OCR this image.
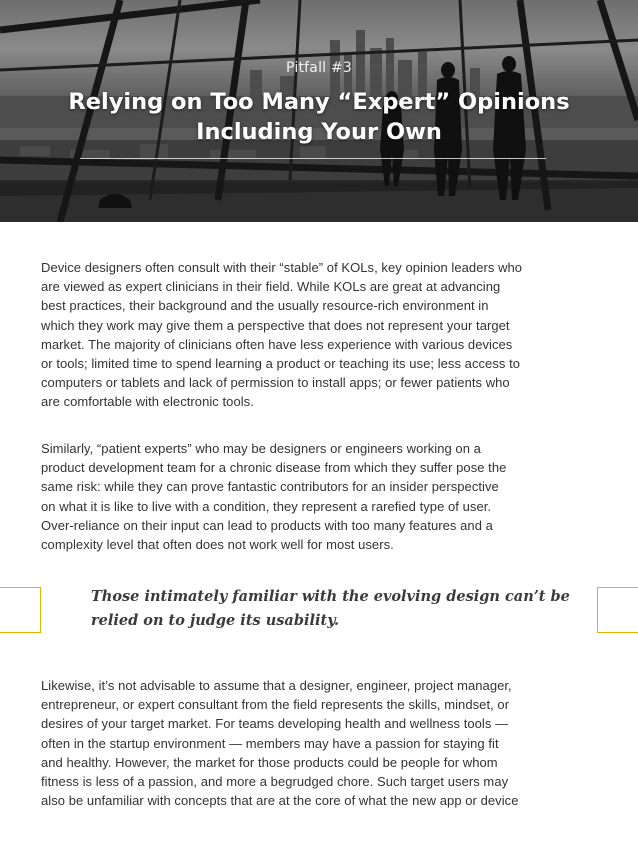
Pitfall #3
Relying on Too Many “Expert” Opinions
Including Your Own

Device designers often consult with their “stable” of KOLs, key opinion leaders who
are viewed as expert clinicians in their field. While KOLs are great at advancing
best practices, their background and the usually resource-rich environment in
which they work may give them a perspective that does not represent your target
market. The majority of clinicians often have less experience with various devices
or tools; limited time to spend learning a product or teaching its use; less access to
computers or tablets and lack of permission to install apps; or fewer patients who
are comfortable with electronic tools.

Similarly, “patient experts” who may be designers or engineers working on a
product development team for a chronic disease from which they suffer pose the
same risk: while they can prove fantastic contributors for an insider perspective
on what it is like to live with a condition, they represent a rarefied type of user.
Over-reliance on their input can lead to products with too many features and a
complexity level that often does not work well for most users.

Those intimately familiar with the evolving design can’t be
relied on to judge its usability.

Likewise, it’s not advisable to assume that a designer, engineer, project manager,
entrepreneur, or expert consultant from the field represents the skills, mindset, or
desires of your target market. For teams developing health and wellness tools —
often in the startup environment — members may have a passion for staying fit
and healthy. However, the market for those products could be people for whom
fitness is less of a passion, and more a begrudged chore. Such target users may
also be unfamiliar with concepts that are at the core of what the new app or device
